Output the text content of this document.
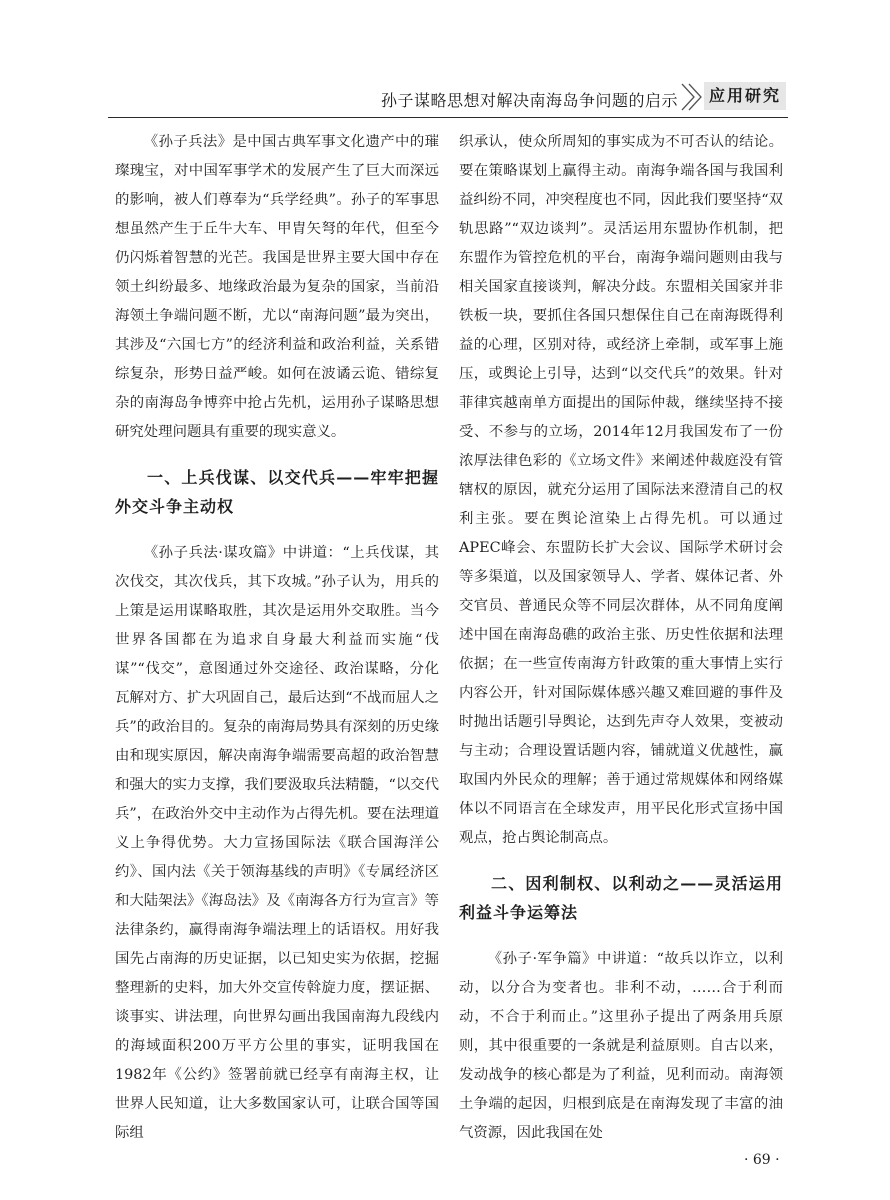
孙子谋略思想对解决南海岛争问题的启示	应用研究

《孙子兵法》是中国古典军事文化遗产中的璀璨瑰宝，对中国军事学术的发展产生了巨大而深远的影响，被人们尊奉为“兵学经典”。孙子的军事思想虽然产生于丘牛大车、甲胄矢弩的年代，但至今仍闪烁着智慧的光芒。我国是世界主要大国中存在领土纠纷最多、地缘政治最为复杂的国家，当前沿海领土争端问题不断，尤以“南海问题”最为突出，其涉及“六国七方”的经济利益和政治利益，关系错综复杂，形势日益严峻。如何在波谲云诡、错综复杂的南海岛争博弈中抢占先机，运用孙子谋略思想研究处理问题具有重要的现实意义。

一、上兵伐谋、以交代兵——牢牢把握外交斗争主动权

《孙子兵法·谋攻篇》中讲道：“上兵伐谋，其次伐交，其次伐兵，其下攻城。”孙子认为，用兵的上策是运用谋略取胜，其次是运用外交取胜。当今世界各国都在为追求自身最大利益而实施“伐谋”“伐交”，意图通过外交途径、政治谋略，分化瓦解对方、扩大巩固自己，最后达到“不战而屈人之兵”的政治目的。复杂的南海局势具有深刻的历史缘由和现实原因，解决南海争端需要高超的政治智慧和强大的实力支撑，我们要汲取兵法精髓，“以交代兵”，在政治外交中主动作为占得先机。要在法理道义上争得优势。大力宣扬国际法《联合国海洋公约》、国内法《关于领海基线的声明》《专属经济区和大陆架法》《海岛法》及《南海各方行为宣言》等法律条约，赢得南海争端法理上的话语权。用好我国先占南海的历史证据，以已知史实为依据，挖掘整理新的史料，加大外交宣传斡旋力度，摆证据、谈事实、讲法理，向世界勾画出我国南海九段线内的海域面积200万平方公里的事实，证明我国在1982年《公约》签署前就已经享有南海主权，让世界人民知道，让大多数国家认可，让联合国等国际组

织承认，使众所周知的事实成为不可否认的结论。要在策略谋划上赢得主动。南海争端各国与我国利益纠纷不同，冲突程度也不同，因此我们要坚持“双轨思路”“双边谈判”。灵活运用东盟协作机制，把东盟作为管控危机的平台，南海争端问题则由我与相关国家直接谈判，解决分歧。东盟相关国家并非铁板一块，要抓住各国只想保住自己在南海既得利益的心理，区别对待，或经济上牵制，或军事上施压，或舆论上引导，达到“以交代兵”的效果。针对菲律宾越南单方面提出的国际仲裁，继续坚持不接受、不参与的立场，2014年12月我国发布了一份浓厚法律色彩的《立场文件》来阐述仲裁庭没有管辖权的原因，就充分运用了国际法来澄清自己的权利主张。要在舆论渲染上占得先机。可以通过APEC峰会、东盟防长扩大会议、国际学术研讨会等多渠道，以及国家领导人、学者、媒体记者、外交官员、普通民众等不同层次群体，从不同角度阐述中国在南海岛礁的政治主张、历史性依据和法理依据；在一些宣传南海方针政策的重大事情上实行内容公开，针对国际媒体感兴趣又难回避的事件及时抛出话题引导舆论，达到先声夺人效果，变被动与主动；合理设置话题内容，铺就道义优越性，赢取国内外民众的理解；善于通过常规媒体和网络媒体以不同语言在全球发声，用平民化形式宣扬中国观点，抢占舆论制高点。

二、因利制权、以利动之——灵活运用利益斗争运筹法

《孙子·军争篇》中讲道：“故兵以诈立，以利动，以分合为变者也。非利不动，……合于利而动，不合于利而止。”这里孙子提出了两条用兵原则，其中很重要的一条就是利益原则。自古以来，发动战争的核心都是为了利益，见利而动。南海领土争端的起因，归根到底是在南海发现了丰富的油气资源，因此我国在处

· 69 ·
